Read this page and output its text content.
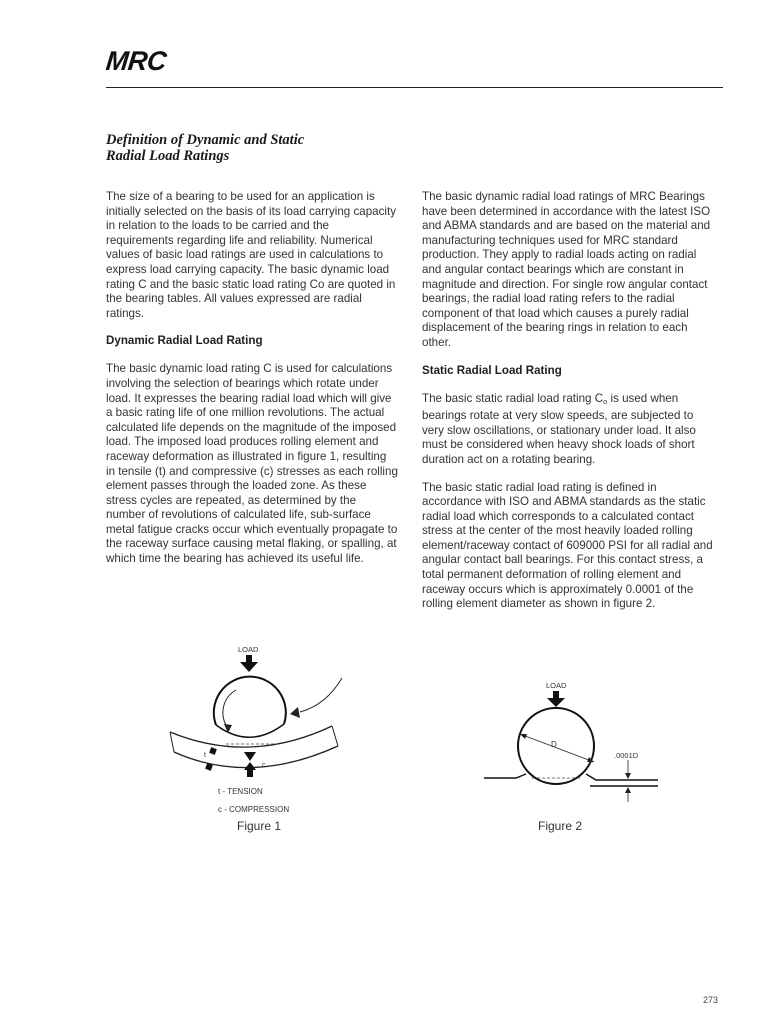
MRC
Definition of Dynamic and Static
Radial Load Ratings

The size of a bearing to be used for an application is initially selected on the basis of its load carrying capacity in relation to the loads to be carried and the requirements regarding life and reliability. Numerical values of basic load ratings are used in calculations to express load carrying capacity. The basic dynamic load rating C and the basic static load rating Co are quoted in the bearing tables. All values expressed are radial ratings.

Dynamic Radial Load Rating

The basic dynamic load rating C is used for calculations involving the selection of bearings which rotate under load. It expresses the bearing radial load which will give a basic rating life of one million revolutions. The actual calculated life depends on the magnitude of the imposed load. The imposed load produces rolling element and raceway deformation as illustrated in figure 1, resulting in tensile (t) and compressive (c) stresses as each rolling element passes through the loaded zone. As these stress cycles are repeated, as determined by the number of revolutions of calculated life, sub-surface metal fatigue cracks occur which eventually propagate to the raceway surface causing metal flaking, or spalling, at which time the bearing has achieved its useful life.

The basic dynamic radial load ratings of MRC Bearings have been determined in accordance with the latest ISO and ABMA standards and are based on the material and manufacturing techniques used for MRC standard production. They apply to radial loads acting on radial and angular contact bearings which are constant in magnitude and direction. For single row angular contact bearings, the radial load rating refers to the radial component of that load which causes a purely radial displacement of the bearing rings in relation to each other.

Static Radial Load Rating

The basic static radial load rating $C_o$ is used when bearings rotate at very slow speeds, are subjected to very slow oscillations, or stationary under load. It also must be considered when heavy shock loads of short duration act on a rotating bearing.

The basic static radial load rating is defined in accordance with ISO and ABMA standards as the static radial load which corresponds to a calculated contact stress at the center of the most heavily loaded rolling element/raceway contact of 609000 PSI for all radial and angular contact ball bearings. For this contact stress, a total permanent deformation of rolling element and raceway occurs which is approximately 0.0001 of the rolling element diameter as shown in figure 2.

LOAD
t
c
t - TENSION
c - COMPRESSION
Figure 1
LOAD
D
.0001D
Figure 2
273
